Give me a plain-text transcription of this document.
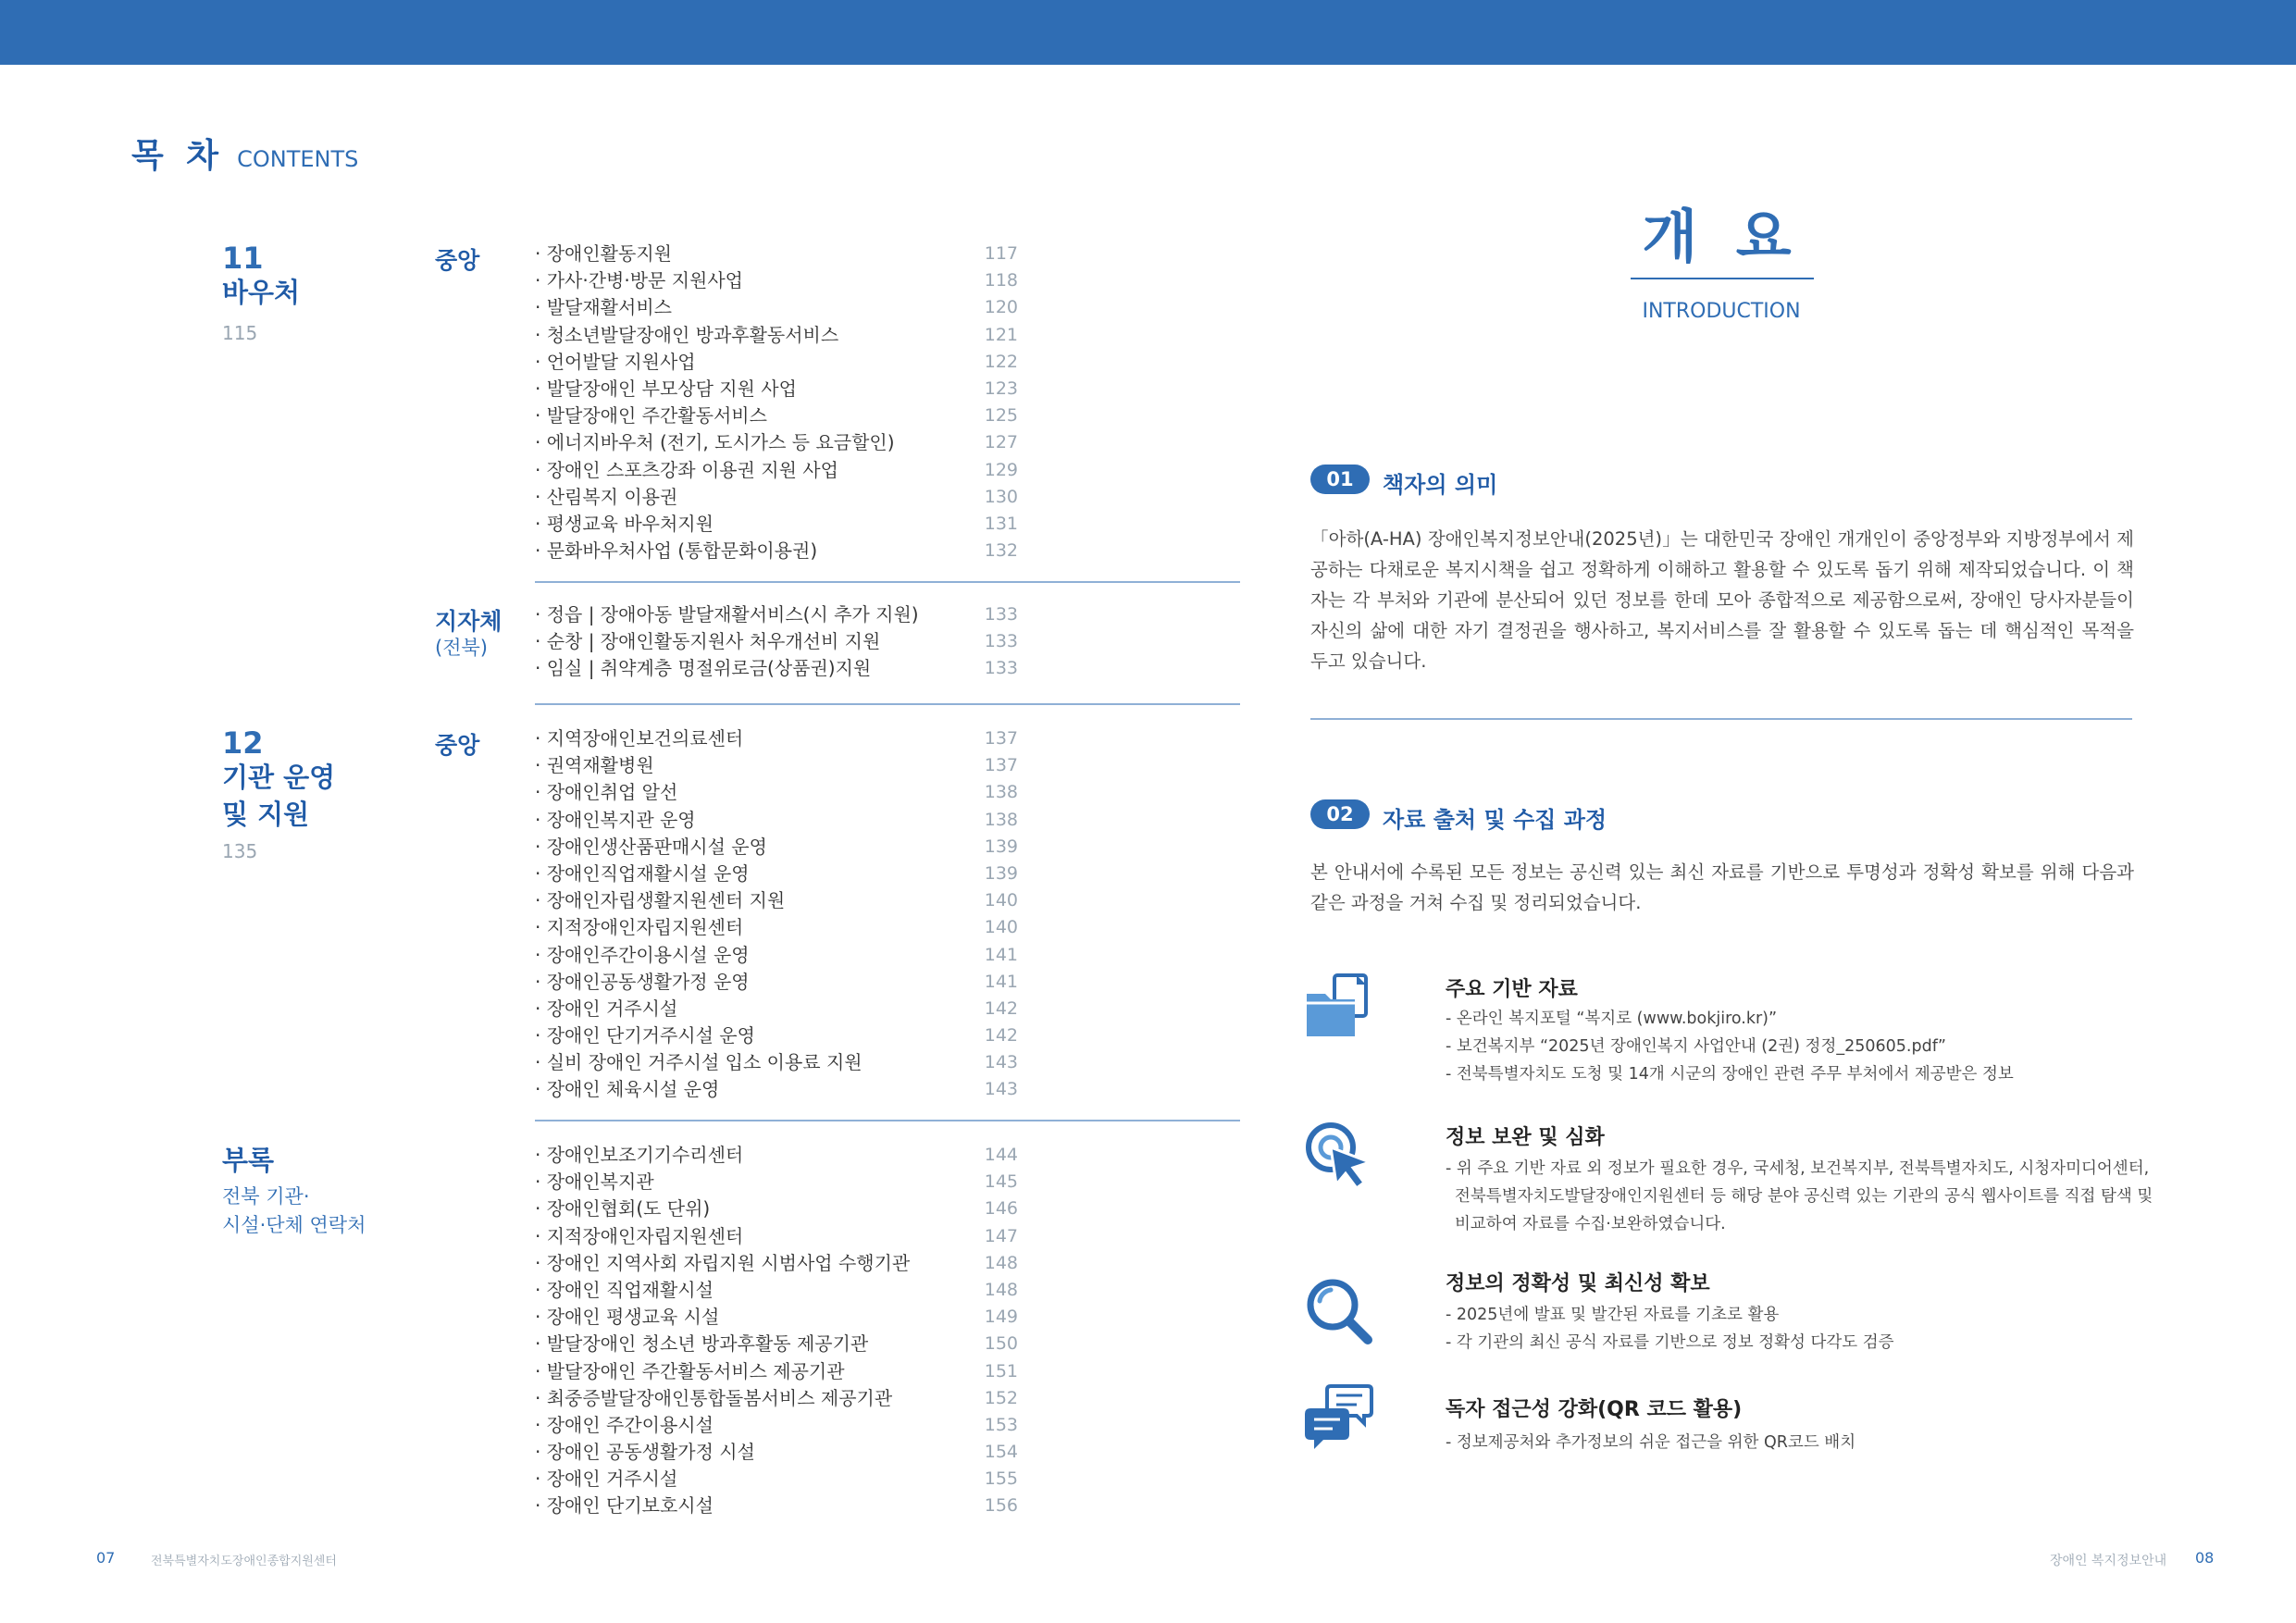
목 차 CONTENTS
11
바우처
115
중앙	· 장애인활동지원	117
· 가사·간병·방문 지원사업	118
· 발달재활서비스	120
· 청소년발달장애인 방과후활동서비스	121
· 언어발달 지원사업	122
· 발달장애인 부모상담 지원 사업	123
· 발달장애인 주간활동서비스	125
· 에너지바우처 (전기, 도시가스 등 요금할인)	127
· 장애인 스포츠강좌 이용권 지원 사업	129
· 산림복지 이용권	130
· 평생교육 바우처지원	131
· 문화바우처사업 (통합문화이용권)	132
지자체
(전북)
· 정읍 | 장애아동 발달재활서비스(시 추가 지원)	133
· 순창 | 장애인활동지원사 처우개선비 지원	133
· 임실 | 취약계층 명절위로금(상품권)지원	133
12
기관 운영
및 지원
135
중앙	· 지역장애인보건의료센터	137
· 권역재활병원	137
· 장애인취업 알선	138
· 장애인복지관 운영	138
· 장애인생산품판매시설 운영	139
· 장애인직업재활시설 운영	139
· 장애인자립생활지원센터 지원	140
· 지적장애인자립지원센터	140
· 장애인주간이용시설 운영	141
· 장애인공동생활가정 운영	141
· 장애인 거주시설	142
· 장애인 단기거주시설 운영	142
· 실비 장애인 거주시설 입소 이용료 지원	143
· 장애인 체육시설 운영	143
부록
전북 기관·
시설·단체 연락처
· 장애인보조기기수리센터	144
· 장애인복지관	145
· 장애인협회(도 단위)	146
· 지적장애인자립지원센터	147
· 장애인 지역사회 자립지원 시범사업 수행기관	148
· 장애인 직업재활시설	148
· 장애인 평생교육 시설	149
· 발달장애인 청소년 방과후활동 제공기관	150
· 발달장애인 주간활동서비스 제공기관	151
· 최중증발달장애인통합돌봄서비스 제공기관	152
· 장애인 주간이용시설	153
· 장애인 공동생활가정 시설	154
· 장애인 거주시설	155
· 장애인 단기보호시설	156
07	전북특별자치도장애인종합지원센터	장애인 복지정보안내 08
개 요
INTRODUCTION
01	책자의 의미
「아하(A-HA) 장애인복지정보안내(2025년)」는 대한민국 장애인 개개인이 중앙정부와 지방정부에서 제공하는 다채로운 복지시책을 쉽고 정확하게 이해하고 활용할 수 있도록 돕기 위해 제작되었습니다. 이 책자는 각 부처와 기관에 분산되어 있던 정보를 한데 모아 종합적으로 제공함으로써, 장애인 당사자분들이 자신의 삶에 대한 자기 결정권을 행사하고, 복지서비스를 잘 활용할 수 있도록 돕는 데 핵심적인 목적을 두고 있습니다.
02	자료 출처 및 수집 과정
본 안내서에 수록된 모든 정보는 공신력 있는 최신 자료를 기반으로 투명성과 정확성 확보를 위해 다음과 같은 과정을 거쳐 수집 및 정리되었습니다.
주요 기반 자료
- 온라인 복지포털 “복지로 (www.bokjiro.kr)”
- 보건복지부 “2025년 장애인복지 사업안내 (2권) 정정_250605.pdf”
- 전북특별자치도 도청 및 14개 시군의 장애인 관련 주무 부처에서 제공받은 정보
정보 보완 및 심화
- 위 주요 기반 자료 외 정보가 필요한 경우, 국세청, 보건복지부, 전북특별자치도, 시청자미디어센터,
전북특별자치도발달장애인지원센터 등 해당 분야 공신력 있는 기관의 공식 웹사이트를 직접 탐색 및
비교하여 자료를 수집·보완하였습니다.
정보의 정확성 및 최신성 확보
- 2025년에 발표 및 발간된 자료를 기초로 활용
- 각 기관의 최신 공식 자료를 기반으로 정보 정확성 다각도 검증
독자 접근성 강화(QR 코드 활용)
- 정보제공처와 추가정보의 쉬운 접근을 위한 QR코드 배치
